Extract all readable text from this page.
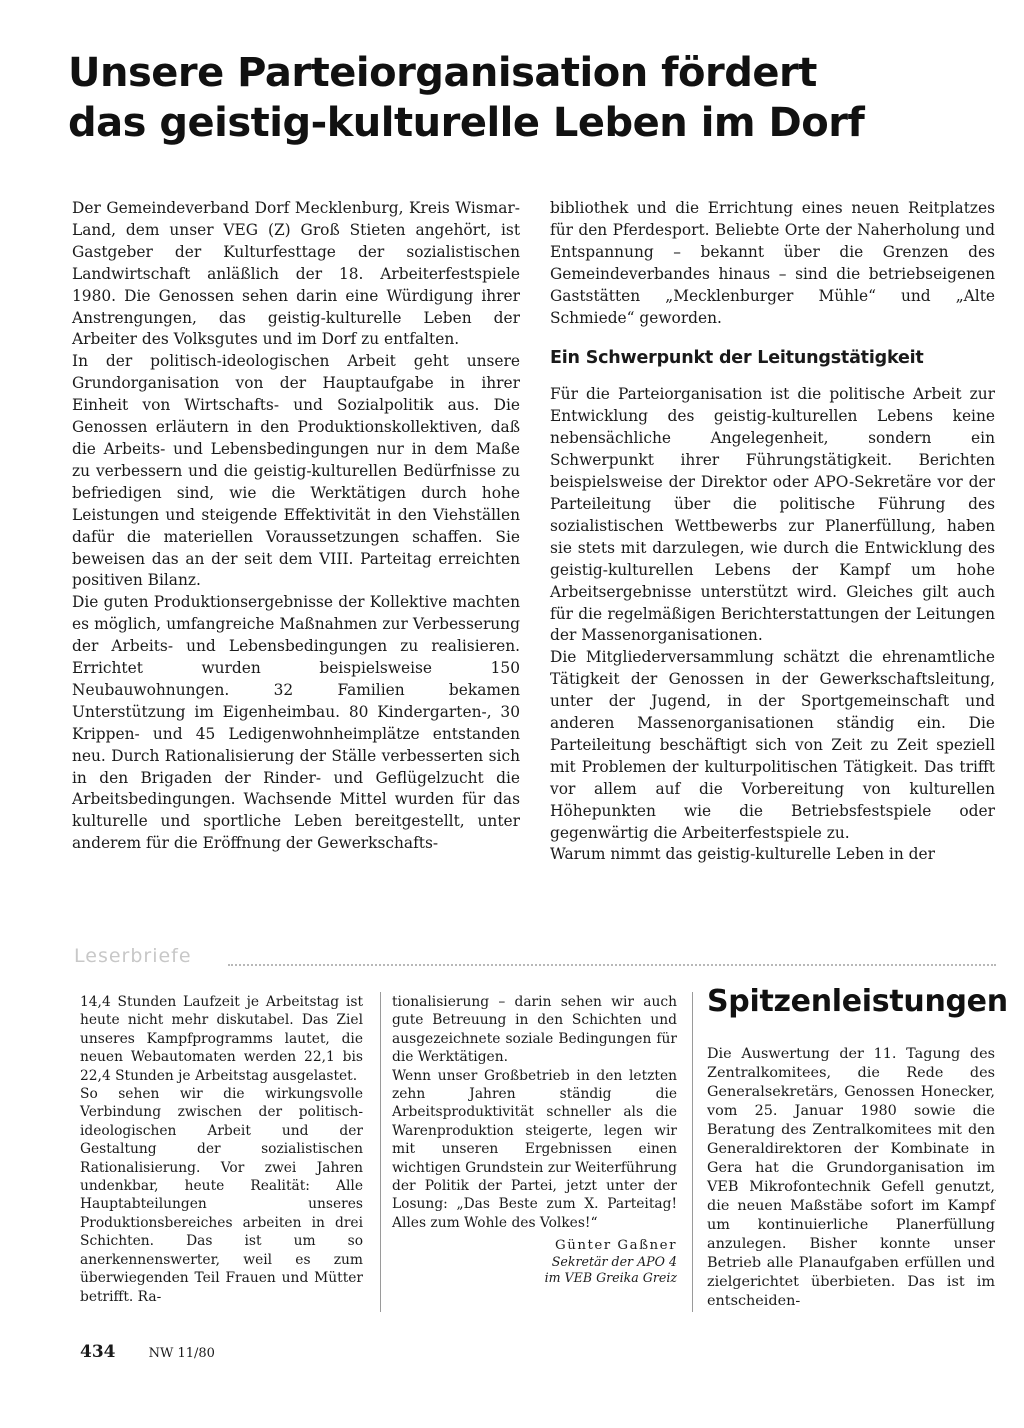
Unsere Parteiorganisation fördert
das geistig-kulturelle Leben im Dorf

Der Gemeindeverband Dorf Mecklenburg, Kreis Wismar-Land, dem unser VEG (Z) Groß Stieten angehört, ist Gastgeber der Kulturfesttage der sozialistischen Landwirtschaft anläßlich der 18. Arbeiterfestspiele 1980. Die Genossen sehen darin eine Würdigung ihrer Anstrengungen, das geistig-kulturelle Leben der Arbeiter des Volksgutes und im Dorf zu entfalten.

In der politisch-ideologischen Arbeit geht unsere Grundorganisation von der Hauptaufgabe in ihrer Einheit von Wirtschafts- und Sozialpolitik aus. Die Genossen erläutern in den Produktionskollektiven, daß die Arbeits- und Lebensbedingungen nur in dem Maße zu verbessern und die geistig-kulturellen Bedürfnisse zu befriedigen sind, wie die Werktätigen durch hohe Leistungen und steigende Effektivität in den Viehställen dafür die materiellen Voraussetzungen schaffen. Sie beweisen das an der seit dem VIII. Parteitag erreichten positiven Bilanz.

Die guten Produktionsergebnisse der Kollektive machten es möglich, umfangreiche Maßnahmen zur Verbesserung der Arbeits- und Lebensbedingungen zu realisieren. Errichtet wurden beispielsweise 150 Neubauwohnungen. 32 Familien bekamen Unterstützung im Eigenheimbau. 80 Kindergarten-, 30 Krippen- und 45 Ledigenwohnheimplätze entstanden neu. Durch Rationalisierung der Ställe verbesserten sich in den Brigaden der Rinder- und Geflügelzucht die Arbeitsbedingungen. Wachsende Mittel wurden für das kulturelle und sportliche Leben bereitgestellt, unter anderem für die Eröffnung der Gewerkschafts-

bibliothek und die Errichtung eines neuen Reitplatzes für den Pferdesport. Beliebte Orte der Naherholung und Entspannung – bekannt über die Grenzen des Gemeindeverbandes hinaus – sind die betriebseigenen Gaststätten „Mecklenburger Mühle“ und „Alte Schmiede“ geworden.

Ein Schwerpunkt der Leitungstätigkeit

Für die Parteiorganisation ist die politische Arbeit zur Entwicklung des geistig-kulturellen Lebens keine nebensächliche Angelegenheit, sondern ein Schwerpunkt ihrer Führungstätigkeit. Berichten beispielsweise der Direktor oder APO-Sekretäre vor der Parteileitung über die politische Führung des sozialistischen Wettbewerbs zur Planerfüllung, haben sie stets mit darzulegen, wie durch die Entwicklung des geistig-kulturellen Lebens der Kampf um hohe Arbeitsergebnisse unterstützt wird. Gleiches gilt auch für die regelmäßigen Berichterstattungen der Leitungen der Massenorganisationen.

Die Mitgliederversammlung schätzt die ehrenamtliche Tätigkeit der Genossen in der Gewerkschaftsleitung, unter der Jugend, in der Sportgemeinschaft und anderen Massenorganisationen ständig ein. Die Parteileitung beschäftigt sich von Zeit zu Zeit speziell mit Problemen der kulturpolitischen Tätigkeit. Das trifft vor allem auf die Vorbereitung von kulturellen Höhepunkten wie die Betriebsfestspiele oder gegenwärtig die Arbeiterfestspiele zu.

Warum nimmt das geistig-kulturelle Leben in der

Leserbriefe

14,4 Stunden Laufzeit je Arbeitstag ist heute nicht mehr diskutabel. Das Ziel unseres Kampfprogramms lautet, die neuen Webautomaten werden 22,1 bis 22,4 Stunden je Arbeitstag ausgelastet.

So sehen wir die wirkungsvolle Verbindung zwischen der politisch-ideologischen Arbeit und der Gestaltung der sozialistischen Rationalisierung. Vor zwei Jahren undenkbar, heute Realität: Alle Hauptabteilungen unseres Produktionsbereiches arbeiten in drei Schichten. Das ist um so anerkennenswerter, weil es zum überwiegenden Teil Frauen und Mütter betrifft. Ra-

tionalisierung – darin sehen wir auch gute Betreuung in den Schichten und ausgezeichnete soziale Bedingungen für die Werktätigen.

Wenn unser Großbetrieb in den letzten zehn Jahren ständig die Arbeitsproduktivität schneller als die Warenproduktion steigerte, legen wir mit unseren Ergebnissen einen wichtigen Grundstein zur Weiterführung der Politik der Partei, jetzt unter der Losung: „Das Beste zum X. Parteitag! Alles zum Wohle des Volkes!“

Günter Gaßner
Sekretär der APO 4
im VEB Greika Greiz
Spitzenleistungen

Die Auswertung der 11. Tagung des Zentralkomitees, die Rede des Generalsekretärs, Genossen Honecker, vom 25. Januar 1980 sowie die Beratung des Zentralkomitees mit den Generaldirektoren der Kombinate in Gera hat die Grundorganisation im VEB Mikrofontechnik Gefell genutzt, die neuen Maßstäbe sofort im Kampf um kontinuierliche Planerfüllung anzulegen. Bisher konnte unser Betrieb alle Planaufgaben erfüllen und zielgerichtet überbieten. Das ist im entscheiden-

434	NW 11/80
